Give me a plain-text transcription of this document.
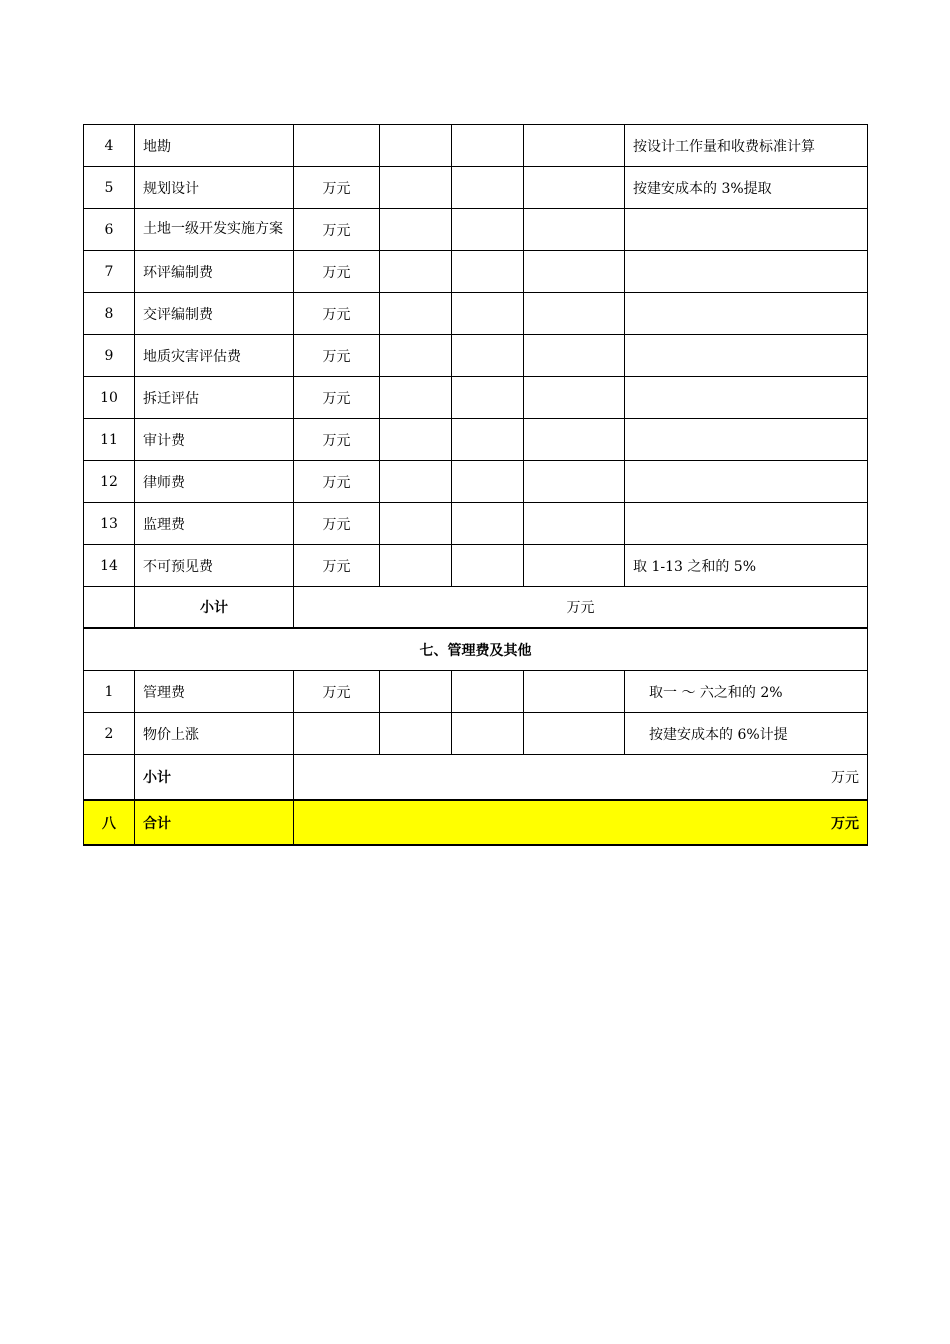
4	地勘					按设计工作量和收费标准计算
5	规划设计	万元				按建安成本的 3%提取
6	土地一级开发实施方案	万元				
7	环评编制费	万元				
8	交评编制费	万元				
9	地质灾害评估费	万元				
10	拆迁评估	万元				
11	审计费	万元				
12	律师费	万元				
13	监理费	万元				
14	不可预见费	万元				取 1-13 之和的 5%
	小计	万元				
七、管理费及其他						
1	管理费	万元				取一 ～ 六之和的 2%
2	物价上涨					按建安成本的 6%计提
	小计	万元				
八	合计	万元				
